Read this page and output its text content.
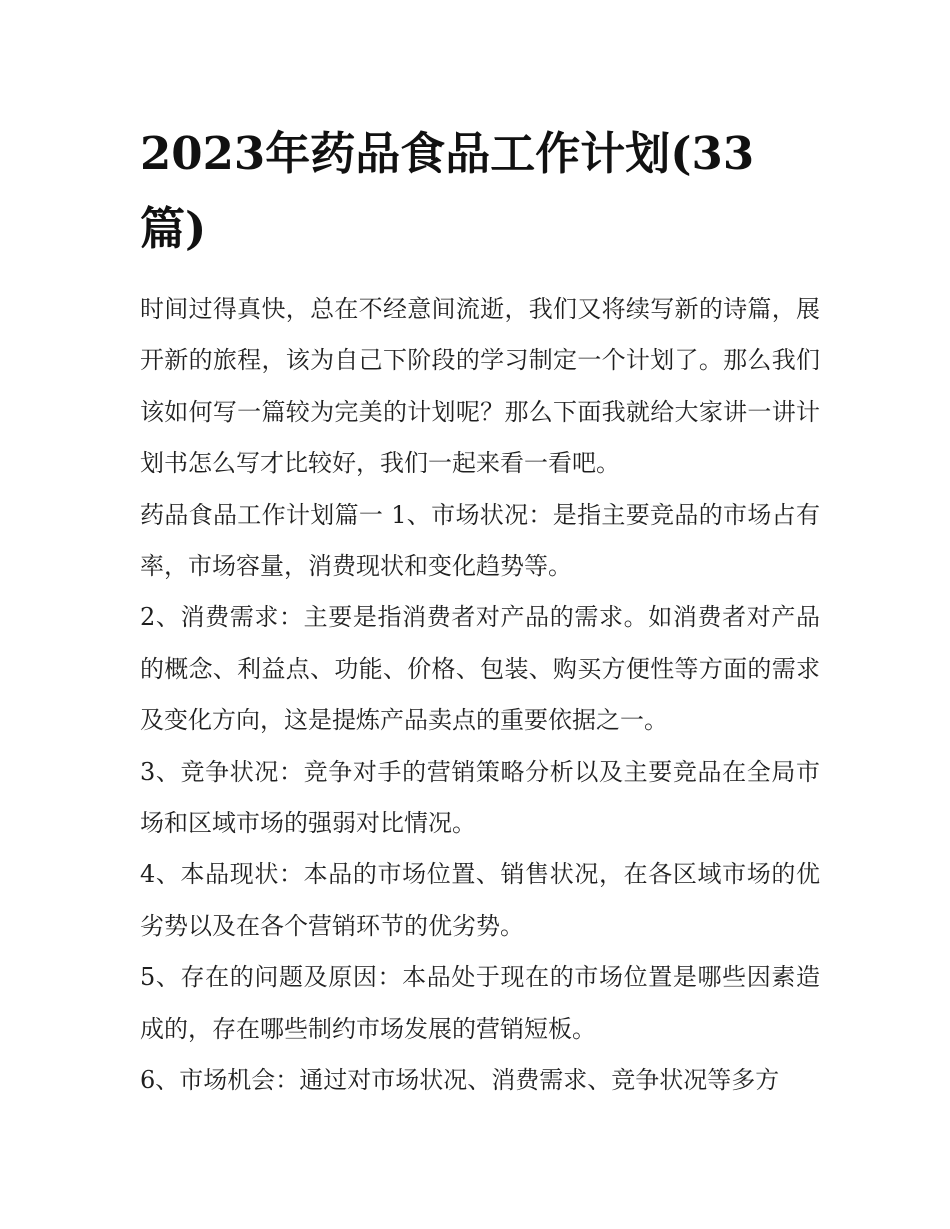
2023年药品食品工作计划(33篇)

时间过得真快，总在不经意间流逝，我们又将续写新的诗篇，展开新的旅程，该为自己下阶段的学习制定一个计划了。那么我们该如何写一篇较为完美的计划呢？那么下面我就给大家讲一讲计划书怎么写才比较好，我们一起来看一看吧。

药品食品工作计划篇一 1、市场状况：是指主要竞品的市场占有率，市场容量，消费现状和变化趋势等。

2、消费需求：主要是指消费者对产品的需求。如消费者对产品的概念、利益点、功能、价格、包装、购买方便性等方面的需求及变化方向，这是提炼产品卖点的重要依据之一。

3、竞争状况：竞争对手的营销策略分析以及主要竞品在全局市场和区域市场的强弱对比情况。

4、本品现状：本品的市场位置、销售状况，在各区域市场的优劣势以及在各个营销环节的优劣势。

5、存在的问题及原因：本品处于现在的市场位置是哪些因素造成的，存在哪些制约市场发展的营销短板。

6、市场机会：通过对市场状况、消费需求、竞争状况等多方
